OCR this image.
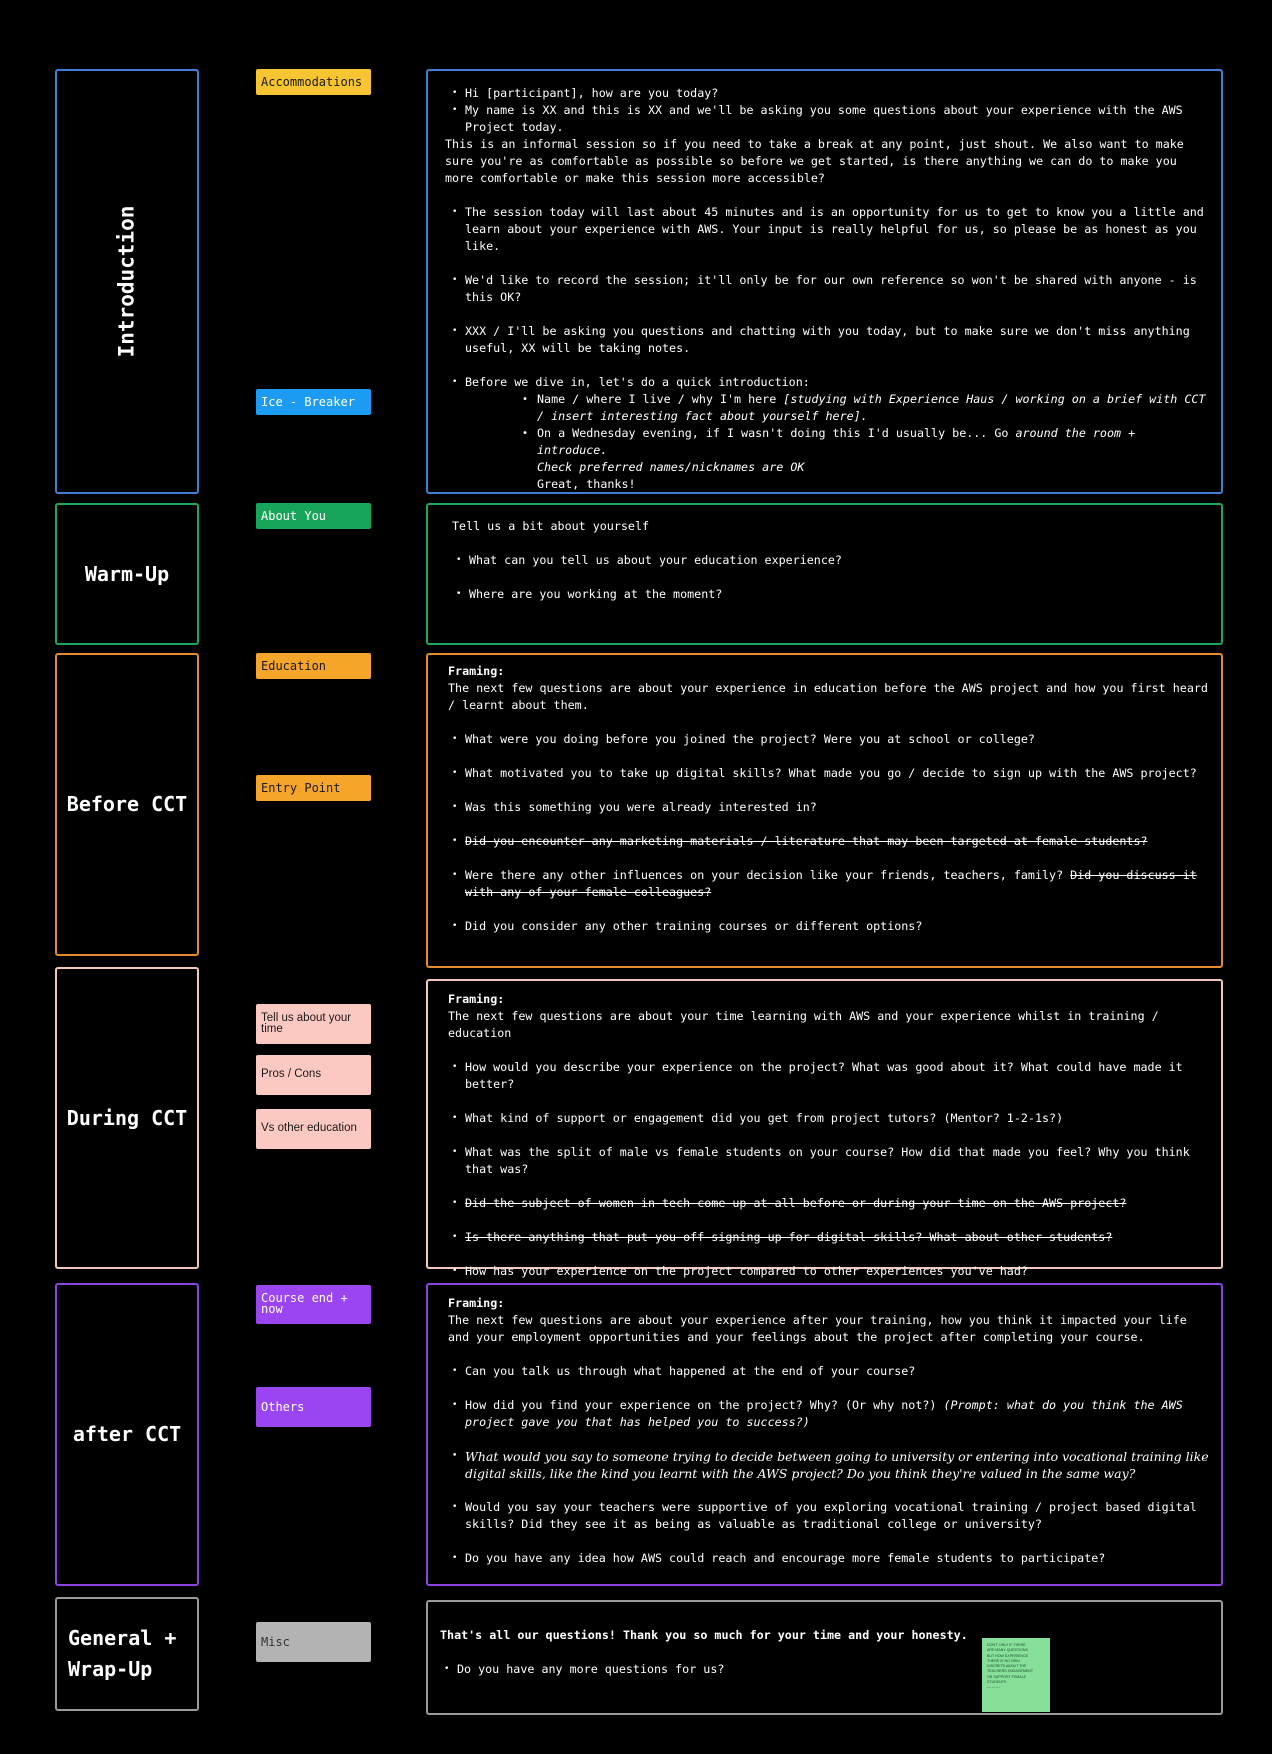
Introduction
Accommodations
Ice - Breaker

• Hi [participant], how are you today?

• My name is XX and this is XX and we'll be asking you some questions about your experience with the AWS Project today.

This is an informal session so if you need to take a break at any point, just shout. We also want to make sure you're as comfortable as possible so before we get started, is there anything we can do to make you more comfortable or make this session more accessible?

• The session today will last about 45 minutes and is an opportunity for us to get to know you a little and learn about your experience with AWS. Your input is really helpful for us, so please be as honest as you like.

• We'd like to record the session; it'll only be for our own reference so won't be shared with anyone - is this OK?

• XXX / I'll be asking you questions and chatting with you today, but to make sure we don't miss anything useful, XX will be taking notes.

• Before we dive in, let's do a quick introduction:

• Name / where I live / why I'm here [studying with Experience Haus / working on a brief with CCT / insert interesting fact about yourself here].

• On a Wednesday evening, if I wasn't doing this I'd usually be... Go around the room + introduce.

Check preferred names/nicknames are OK

Great, thanks!

Warm-Up
About You

Tell us a bit about yourself

• What can you tell us about your education experience?

• Where are you working at the moment?

Before CCT
Education
Entry Point

Framing:

The next few questions are about your experience in education before the AWS project and how you first heard / learnt about them.

• What were you doing before you joined the project? Were you at school or college?

• What motivated you to take up digital skills? What made you go / decide to sign up with the AWS project?

• Was this something you were already interested in?

• Did you encounter any marketing materials / literature that may been targeted at female students?

• Were there any other influences on your decision like your friends, teachers, family? Did you discuss it with any of your female colleagues?

• Did you consider any other training courses or different options?

During CCT
Tell us about your time
Pros / Cons
Vs other education

Framing:

The next few questions are about your time learning with AWS and your experience whilst in training / education

• How would you describe your experience on the project? What was good about it? What could have made it better?

• What kind of support or engagement did you get from project tutors? (Mentor? 1-2-1s?)

• What was the split of male vs female students on your course? How did that made you feel? Why you think that was?

• Did the subject of women in tech come up at all before or during your time on the AWS project?

• Is there anything that put you off signing up for digital skills? What about other students?

• How has your experience on the project compared to other experiences you've had?

after CCT
Course end + now
Others

Framing:

The next few questions are about your experience after your training, how you think it impacted your life and your employment opportunities and your feelings about the project after completing your course.

• Can you talk us through what happened at the end of your course?

• How did you find your experience on the project? Why? (Or why not?) (Prompt: what do you think the AWS project gave you that has helped you to success?)

• What would you say to someone trying to decide between going to university or entering into vocational training like digital skills, like the kind you learnt with the AWS project? Do you think they're valued in the same way?

• Would you say your teachers were supportive of you exploring vocational training / project based digital skills? Did they see it as being as valuable as traditional college or university?

• Do you have any idea how AWS could reach and encourage more female students to participate?

General +
Wrap-Up
Misc	That's all our questions! Thank you so much for your time and your honesty.

• Do you have any more questions for us?

DON'T ONLY IF THERE
ARE MANY QUESTIONS
BUT HOW EXPERIENCE
THERE IS NO OWN
DISCRETE ABOUT THE
TEACHERS ENGAGEMENT
OR SUPPORT FEMALE
STUDENTS
— — —
